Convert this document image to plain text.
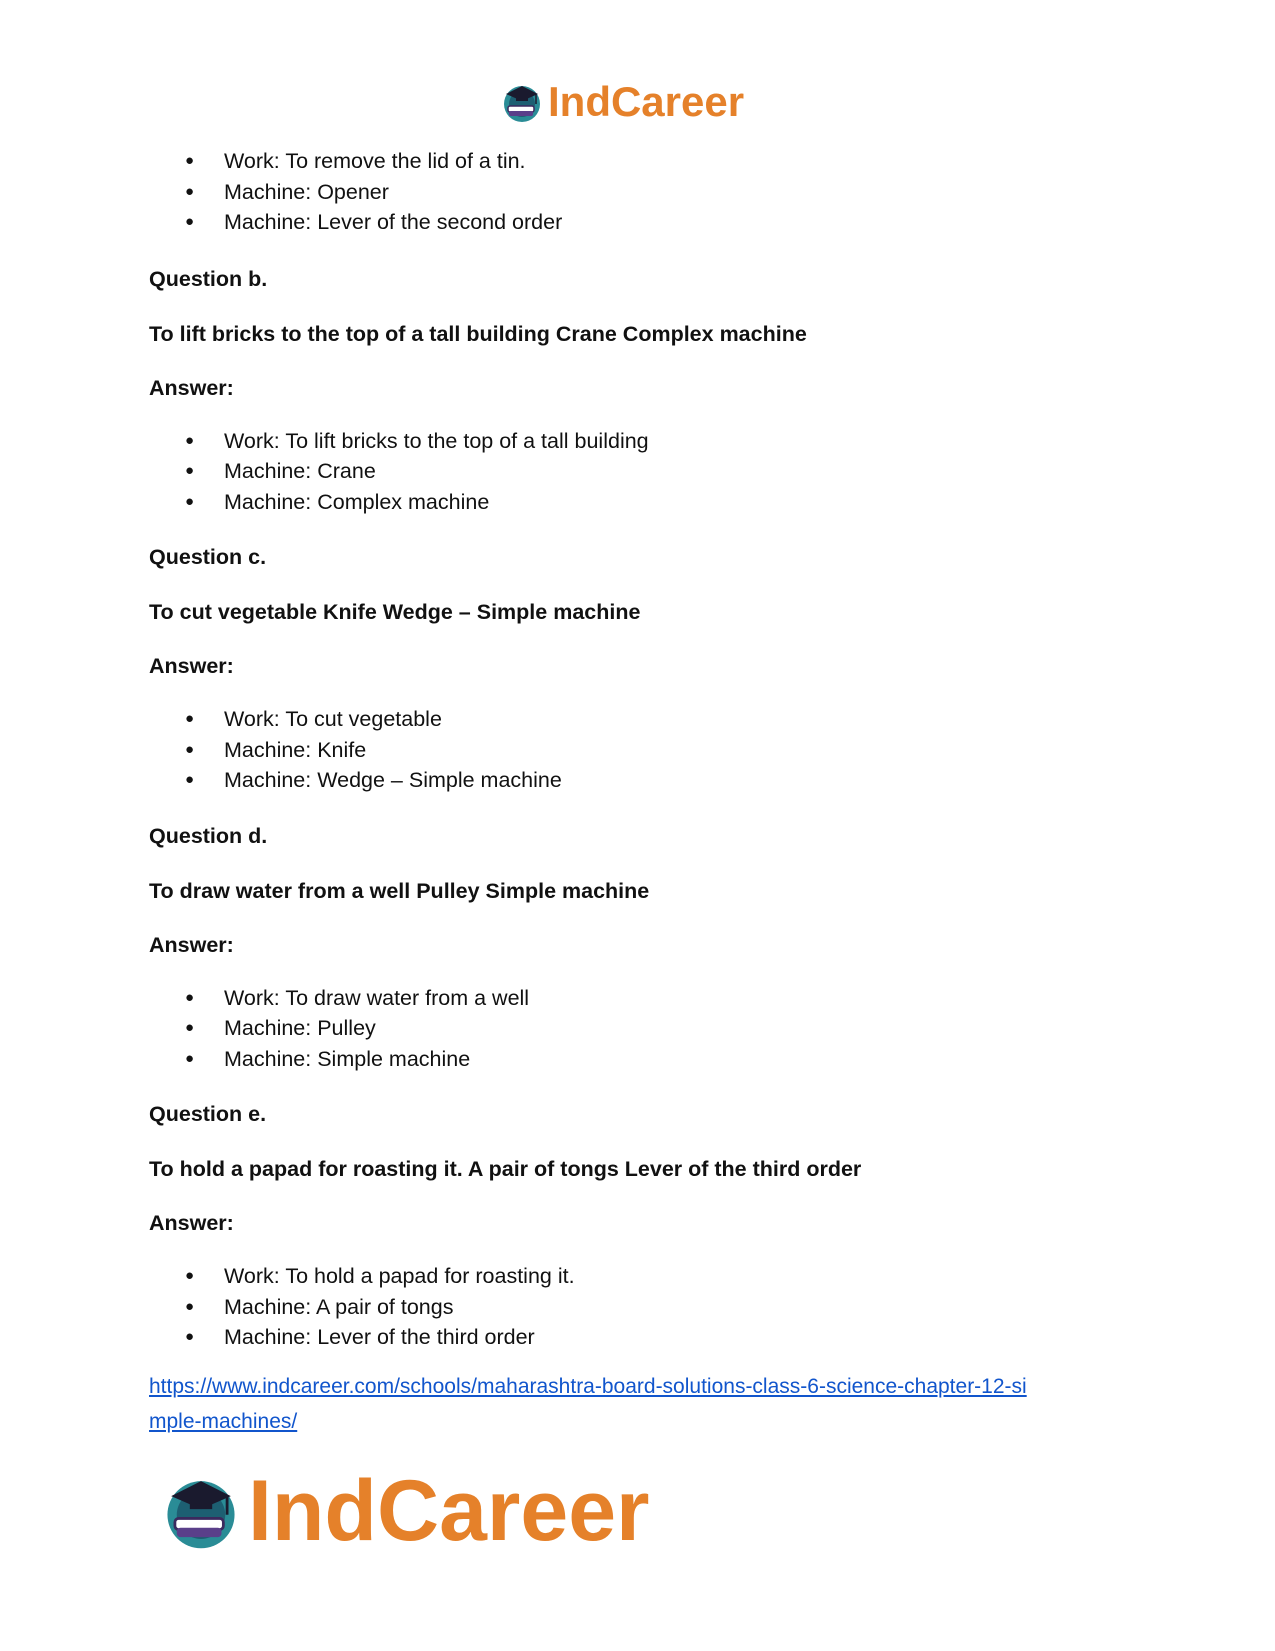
IndCareer
● Work: To remove the lid of a tin.
● Machine: Opener
● Machine: Lever of the second order

Question b.

To lift bricks to the top of a tall building Crane Complex machine

Answer:

● Work: To lift bricks to the top of a tall building
● Machine: Crane
● Machine: Complex machine

Question c.

To cut vegetable Knife Wedge – Simple machine

Answer:

● Work: To cut vegetable
● Machine: Knife
● Machine: Wedge – Simple machine

Question d.

To draw water from a well Pulley Simple machine

Answer:

● Work: To draw water from a well
● Machine: Pulley
● Machine: Simple machine

Question e.

To hold a papad for roasting it. A pair of tongs Lever of the third order

Answer:

● Work: To hold a papad for roasting it.
● Machine: A pair of tongs
● Machine: Lever of the third order
https://www.indcareer.com/schools/maharashtra-board-solutions-class-6-science-chapter-12-si
mple-machines/
IndCareer
